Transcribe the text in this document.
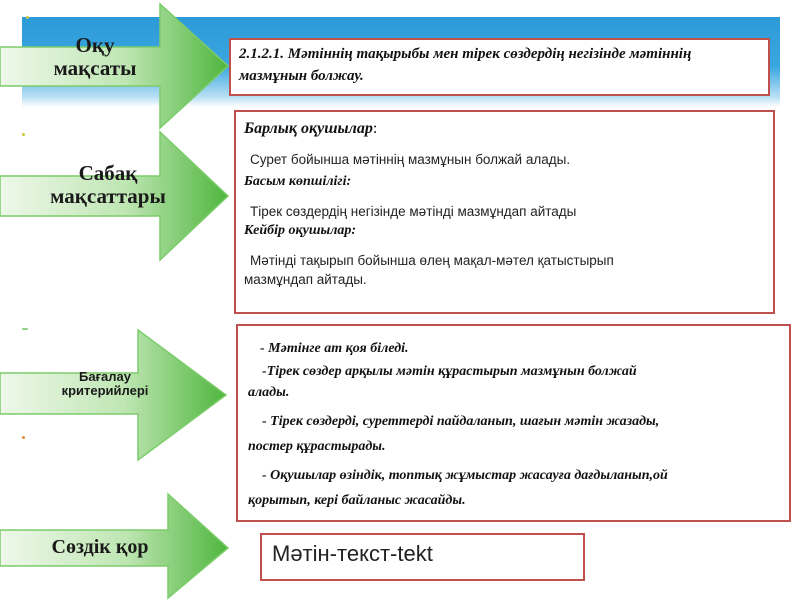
Оқу
мақсаты
Сабақ
мақсаттары
Бағалау
критерийлері
Сөздік қор
2.1.2.1. Мәтіннің тақырыбы мен тірек сөздердің негізінде мәтіннің мазмұнын болжау.
Барлық оқушылар:
Сурет бойынша мәтіннің мазмұнын болжай алады.
Басым көпшілігі:
Тірек сөздердің негізінде мәтінді мазмұндап айтады
Кейбір оқушылар:
Мәтінді тақырып бойынша өлең мақал-мәтел қатыстырып
мазмұндап айтады.
- Мәтінге ат қоя біледі.
-Тірек сөздер арқылы мәтін құрастырып мазмұнын болжай
алады.
- Тірек сөздерді, суреттерді пайдаланып, шағын мәтін жазады,
постер құрастырады.
- Оқушылар өзіндік, топтық жұмыстар жасауға дағдыланып,ой
қорытып, кері байланыс жасайды.
Мәтін-текст-tekt
